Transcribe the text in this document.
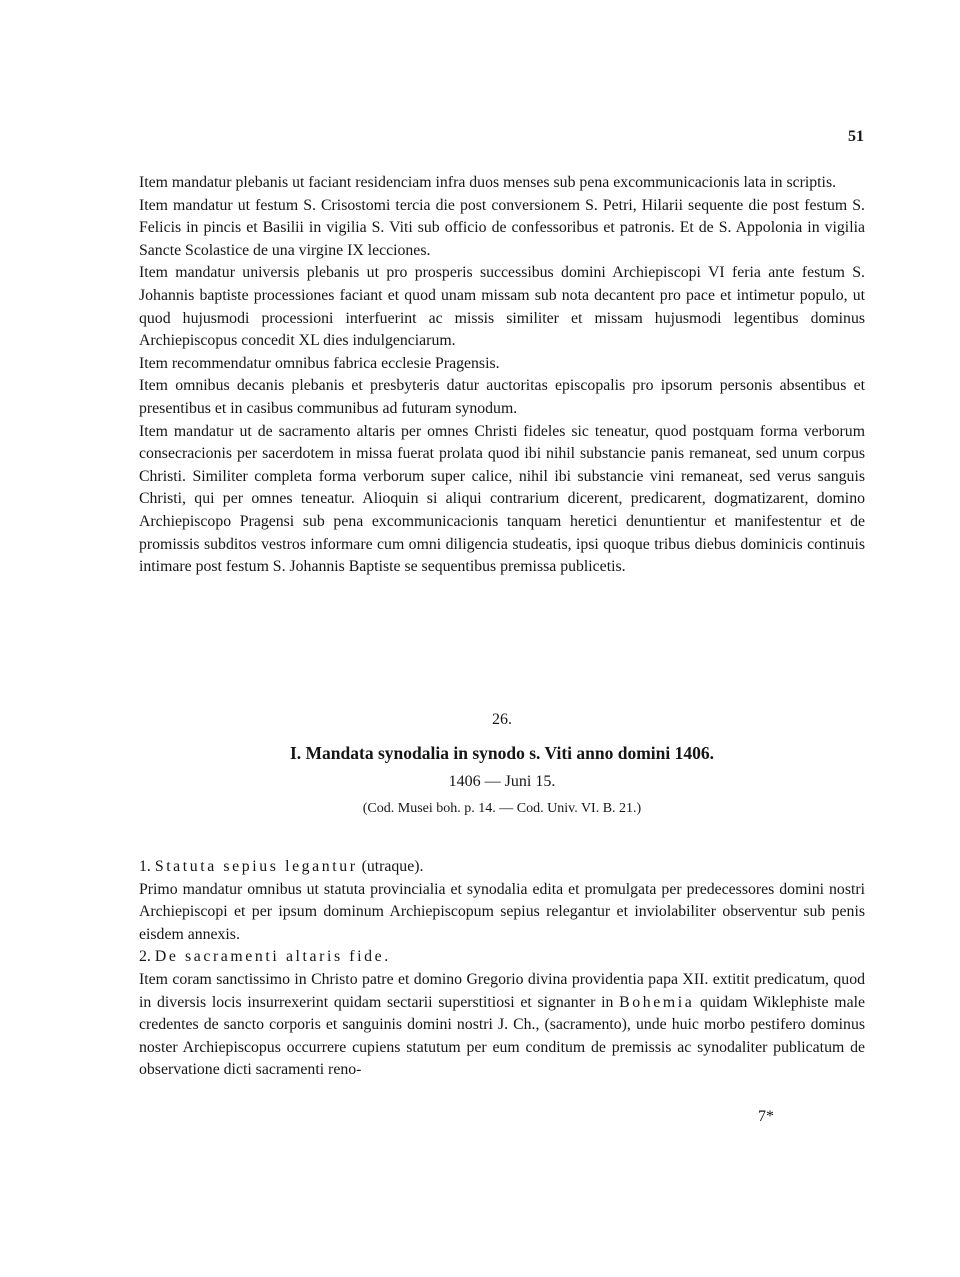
51

Item mandatur plebanis ut faciant residenciam infra duos menses sub pena excommunicacionis lata in scriptis.

Item mandatur ut festum S. Crisostomi tercia die post conversionem S. Petri, Hilarii sequente die post festum S. Felicis in pincis et Basilii in vigilia S. Viti sub officio de confessoribus et patronis. Et de S. Appolonia in vigilia Sancte Scolastice de una virgine IX lecciones.

Item mandatur universis plebanis ut pro prosperis successibus domini Archiepiscopi VI feria ante festum S. Johannis baptiste processiones faciant et quod unam missam sub nota decantent pro pace et intimetur populo, ut quod hujusmodi processioni interfuerint ac missis similiter et missam hujusmodi legentibus dominus Archiepiscopus concedit XL dies indulgenciarum.

Item recommendatur omnibus fabrica ecclesie Pragensis.

Item omnibus decanis plebanis et presbyteris datur auctoritas episcopalis pro ipsorum personis absentibus et presentibus et in casibus communibus ad futuram synodum.

Item mandatur ut de sacramento altaris per omnes Christi fideles sic teneatur, quod postquam forma verborum consecracionis per sacerdotem in missa fuerat prolata quod ibi nihil substancie panis remaneat, sed unum corpus Christi. Similiter completa forma verborum super calice, nihil ibi substancie vini remaneat, sed verus sanguis Christi, qui per omnes teneatur. Alioquin si aliqui contrarium dicerent, predicarent, dogmatizarent, domino Archiepiscopo Pragensi sub pena excommunicacionis tanquam heretici denuntientur et manifestentur et de promissis subditos vestros informare cum omni diligencia studeatis, ipsi quoque tribus diebus dominicis continuis intimare post festum S. Johannis Baptiste se sequentibus premissa publicetis.

26.

I. Mandata synodalia in synodo s. Viti anno domini 1406.

1406 — Juni 15.

(Cod. Musei boh. p. 14. — Cod. Univ. VI. B. 21.)

1. Statuta sepius legantur (utraque).

Primo mandatur omnibus ut statuta provincialia et synodalia edita et promulgata per predecessores domini nostri Archiepiscopi et per ipsum dominum Archiepiscopum sepius relegantur et inviolabiliter observentur sub penis eisdem annexis.

2. De sacramenti altaris fide.

Item coram sanctissimo in Christo patre et domino Gregorio divina providentia papa XII. extitit predicatum, quod in diversis locis insurrexerint quidam sectarii superstitiosi et signanter in Bohemia quidam Wiklephiste male credentes de sancto corporis et sanguinis domini nostri J. Ch., (sacramento), unde huic morbo pestifero dominus noster Archiepiscopus occurrere cupiens statutum per eum conditum de premissis ac synodaliter publicatum de observatione dicti sacramenti reno-

7*
